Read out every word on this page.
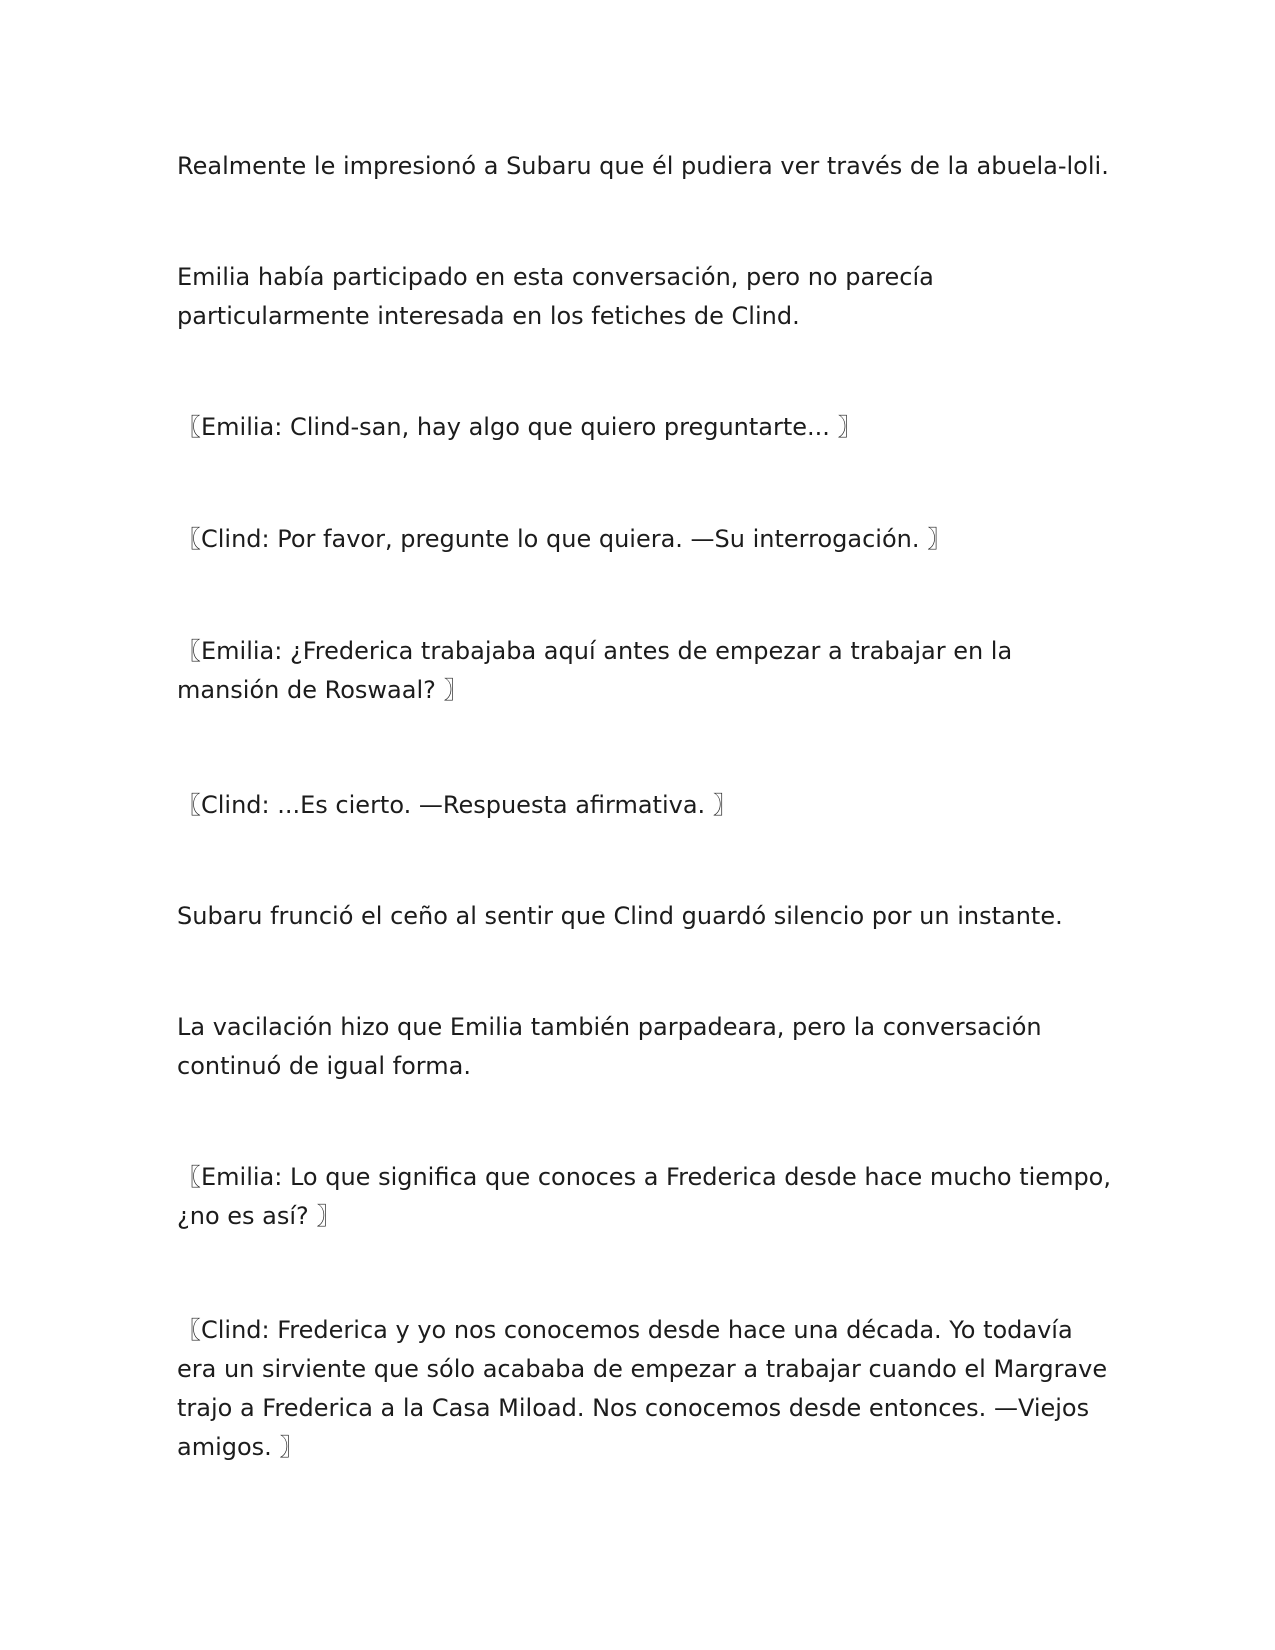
Realmente le impresionó a Subaru que él pudiera ver través de la abuela-loli.

Emilia había participado en esta conversación, pero no parecía particularmente interesada en los fetiches de Clind.

〖Emilia: Clind-san, hay algo que quiero preguntarte... 〗

〖Clind: Por favor, pregunte lo que quiera. —Su interrogación. 〗

〖Emilia: ¿Frederica trabajaba aquí antes de empezar a trabajar en la mansión de Roswaal? 〗

〖Clind: ...Es cierto. —Respuesta afirmativa. 〗

Subaru frunció el ceño al sentir que Clind guardó silencio por un instante.

La vacilación hizo que Emilia también parpadeara, pero la conversación continuó de igual forma.

〖Emilia: Lo que significa que conoces a Frederica desde hace mucho tiempo, ¿no es así? 〗

〖Clind: Frederica y yo nos conocemos desde hace una década. Yo todavía era un sirviente que sólo acababa de empezar a trabajar cuando el Margrave trajo a Frederica a la Casa Miload. Nos conocemos desde entonces. —Viejos amigos. 〗
